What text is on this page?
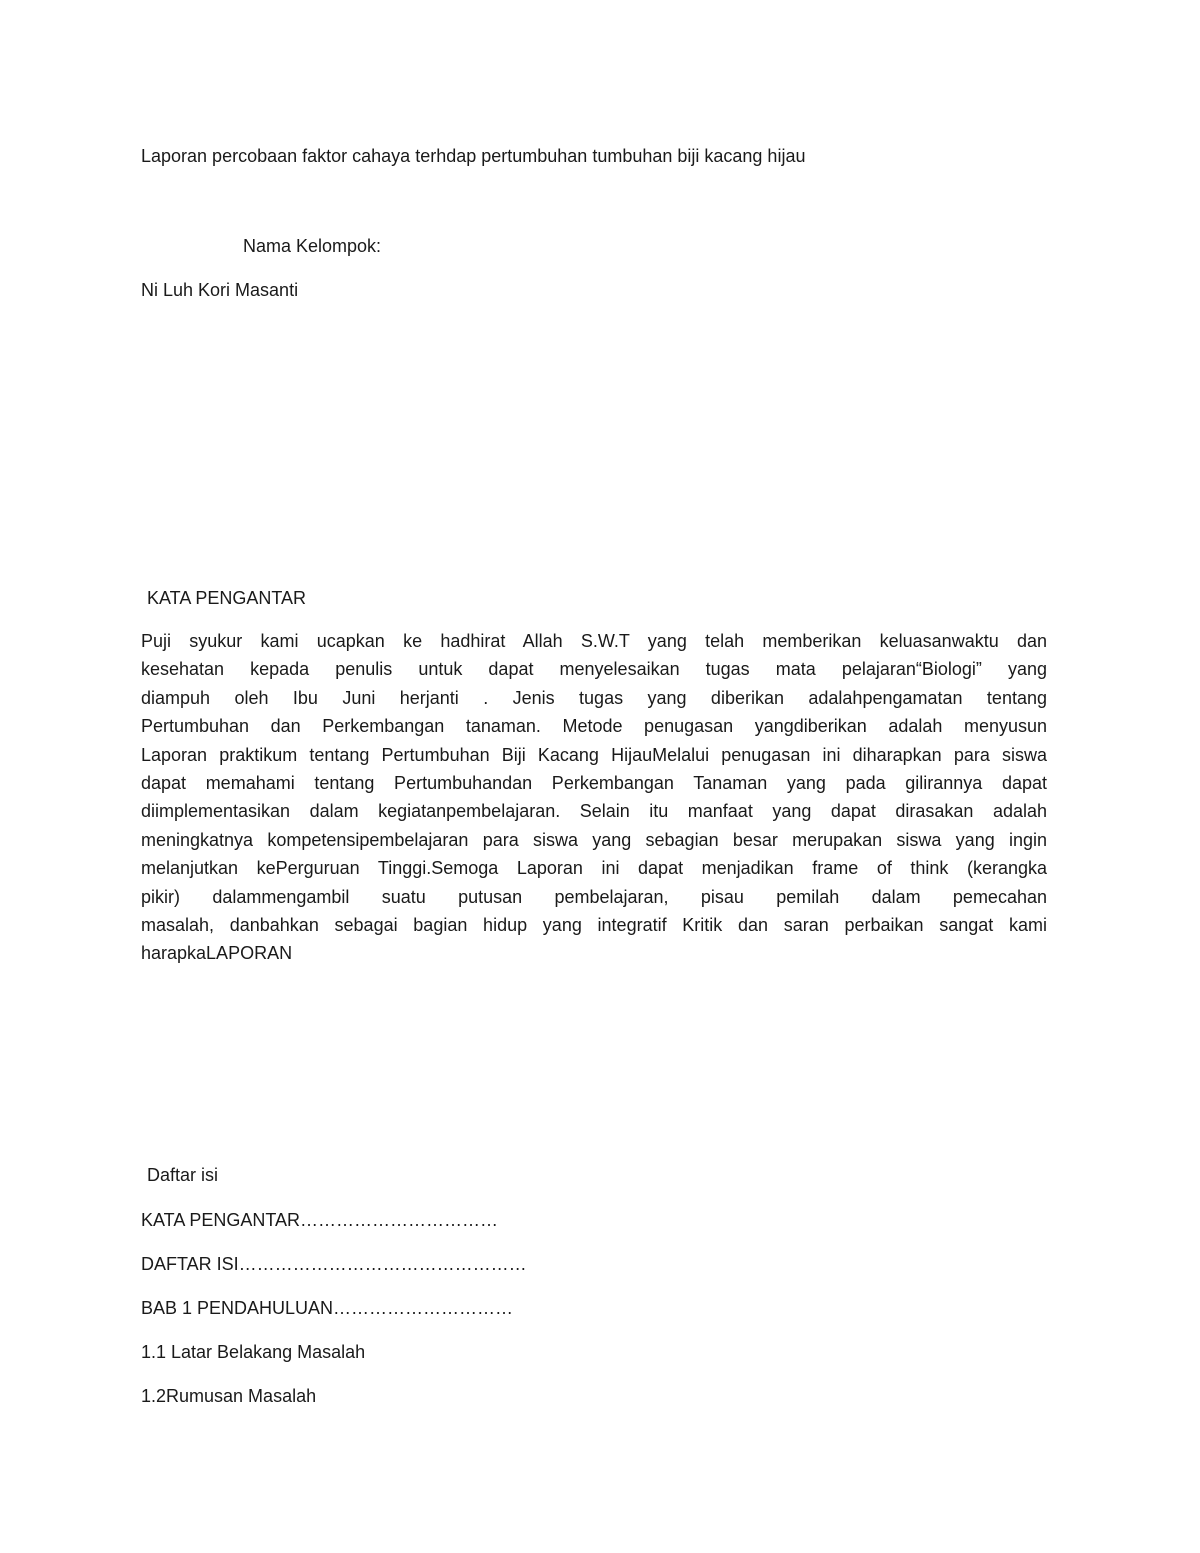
Laporan percobaan faktor cahaya terhdap pertumbuhan tumbuhan biji kacang hijau
Nama Kelompok:
Ni Luh Kori Masanti
KATA PENGANTAR
Puji syukur kami ucapkan ke hadhirat Allah S.W.T yang telah memberikan keluasanwaktu dan
kesehatan kepada penulis untuk dapat menyelesaikan tugas mata pelajaran“Biologi” yang
diampuh oleh Ibu Juni herjanti . Jenis tugas yang diberikan adalahpengamatan tentang
Pertumbuhan dan Perkembangan tanaman. Metode penugasan yangdiberikan adalah menyusun
Laporan praktikum tentang Pertumbuhan Biji Kacang HijauMelalui penugasan ini diharapkan para siswa
dapat memahami tentang Pertumbuhandan Perkembangan Tanaman yang pada gilirannya dapat
diimplementasikan dalam kegiatanpembelajaran. Selain itu manfaat yang dapat dirasakan adalah
meningkatnya kompetensipembelajaran para siswa yang sebagian besar merupakan siswa yang ingin
melanjutkan kePerguruan Tinggi.Semoga Laporan ini dapat menjadikan frame of think (kerangka
pikir) dalammengambil suatu putusan pembelajaran, pisau pemilah dalam pemecahan
masalah, danbahkan sebagai bagian hidup yang integratif Kritik dan saran perbaikan sangat kami
harapkaLAPORAN
Daftar isi
KATA PENGANTAR……………………………
DAFTAR ISI…………………………………………
BAB 1 PENDAHULUAN…………………………
1.1 Latar Belakang Masalah
1.2Rumusan Masalah
